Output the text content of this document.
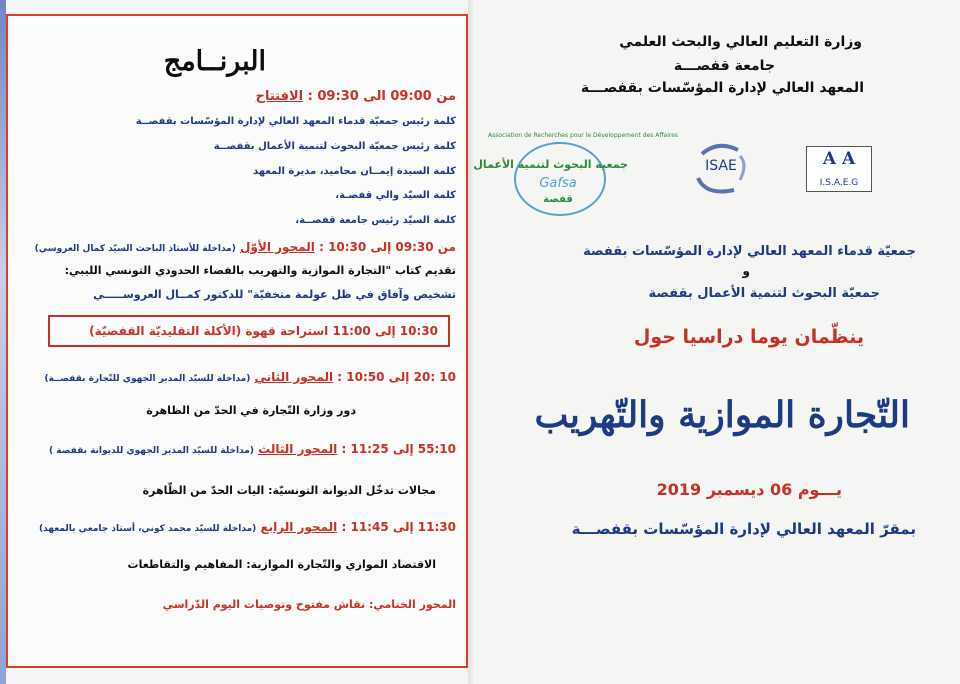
البرنــامج
من 09:00 الى 09:30 : الافتتاح
كلمة رئيس جمعيّة قدماء المعهد العالي لإدارة المؤسّسات بقفصــة
كلمة رئيس جمعيّة البحوث لتنمية الأعمال بقفصــة
كلمة السيدة إيمــان محاميد، مديرة المعهد
كلمة السيّد والي قفصـة،
كلمة السيّد رئيس جامعة قفصــة،
من 09:30 إلى 10:30 : المحور الأوّل (مداخلة للأستاذ الباحث السيّد كمال العروسي)
تقديم كتاب "التجارة الموازية والتهريب بالفضاء الحدودي التونسي الليبي:
تشخيص وآفاق في ظل عولمة متخفيّة" للدكتور كمــال العروســـــي
10:30 إلى 11:00 استراحة قهوة (الأكلة التقليديّة القفصيّة)
10 :20 إلى 10:50 : المحور الثاني (مداخلة للسيّد المدير الجهوي للتّجارة بقفصــة)
دور وزارة التّجارة في الحدّ من الظاهرة
55:10 إلى 11:25 : المحور الثالث (مداخلة للسيّد المدير الجهوي للديوانة بقفصة )
مجالات تدخّل الديوانة التونسيّة: اليات الحدّ من الظّاهرة
11:30 إلى 11:45 : المحور الرابع (مداخلة للسيّد محمد كوني، أستاذ جامعي بالمعهد)
الاقتصاد الموازي والتّجارة الموازية: المفاهيم والتقاطعات
المحور الختامي: نقاش مفتوح وتوصيات اليوم الدّراسي
وزارة التعليم العالي والبحث العلمي
جامعة قفصـــة
المعهد العالي لإدارة المؤسّسات بقفصـــة
A A
I.S.A.E.G
ISAE
Association de Recherches pour le Développement des Affaires
جمعية البحوث لتنمية الأعمال
Gafsa
قفصة
جمعيّة قدماء المعهد العالي لإدارة المؤسّسات بقفصة
و
جمعيّة البحوث لتنمية الأعمال بقفصة
ينظّمان يوما دراسيا حول
التّجارة الموازية والتّهريب
يـــوم 06 ديسمبر 2019
بمقرّ المعهد العالي لإدارة المؤسّسات بقفصـــة
